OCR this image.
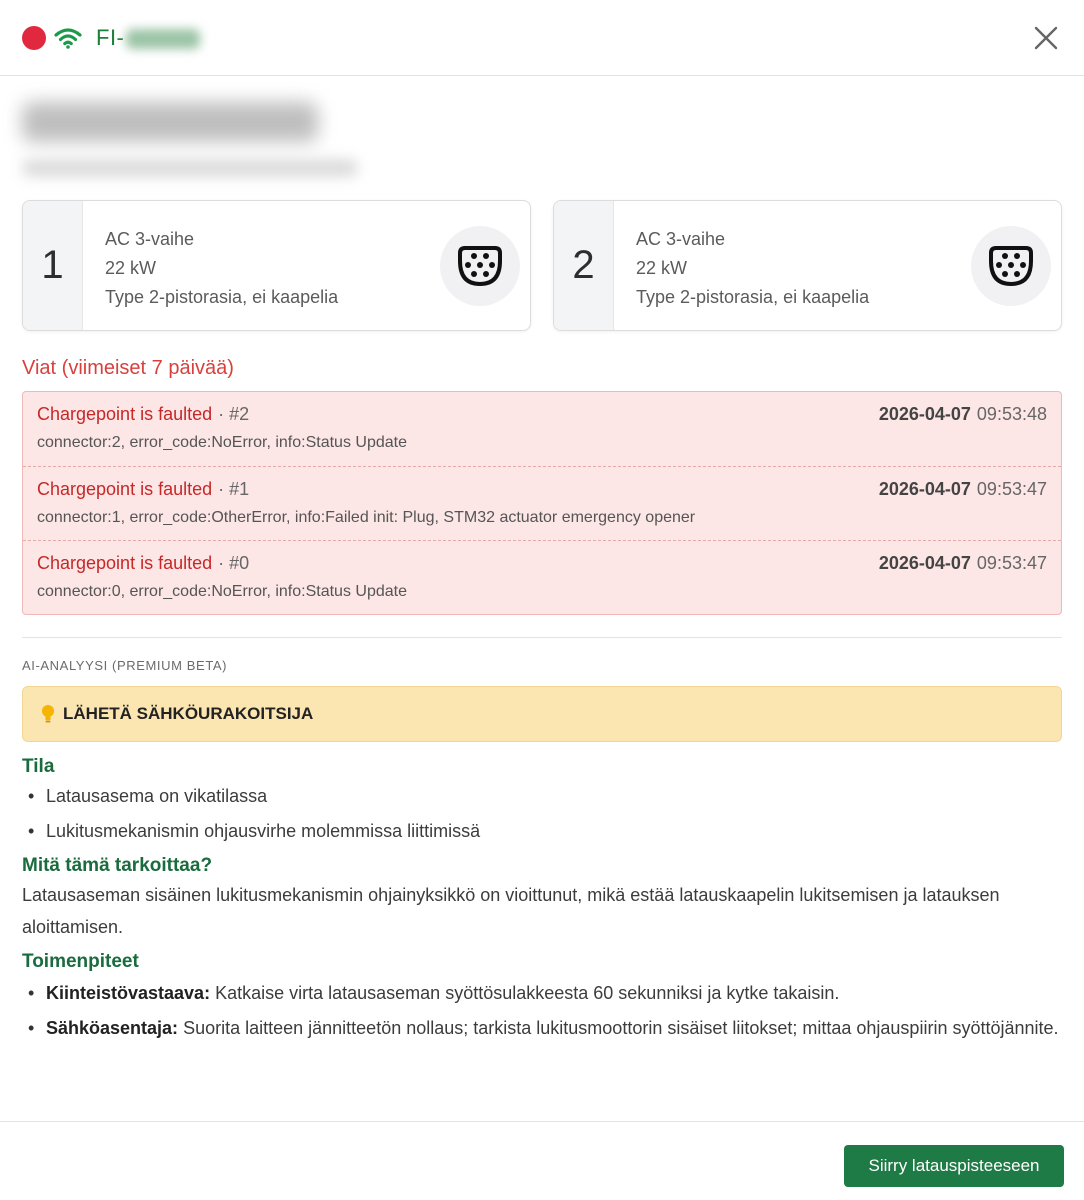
FI-
1
AC 3-vaihe
22 kW
Type 2-pistorasia, ei kaapelia
2
AC 3-vaihe
22 kW
Type 2-pistorasia, ei kaapelia
Viat (viimeiset 7 päivää)
Chargepoint is faulted · #2	2026-04-07 09:53:48
connector:2, error_code:NoError, info:Status Update
Chargepoint is faulted · #1	2026-04-07 09:53:47
connector:1, error_code:OtherError, info:Failed init: Plug, STM32 actuator emergency opener
Chargepoint is faulted · #0	2026-04-07 09:53:47
connector:0, error_code:NoError, info:Status Update
AI-ANALYYSI (PREMIUM BETA)
LÄHETÄ SÄHKÖURAKOITSIJA
Tila
• Latausasema on vikatilassa
• Lukitusmekanismin ohjausvirhe molemmissa liittimissä
Mitä tämä tarkoittaa?
Latausaseman sisäinen lukitusmekanismin ohjainyksikkö on vioittunut, mikä estää latauskaapelin lukitsemisen ja latauksen aloittamisen.
Toimenpiteet
• Kiinteistövastaava: Katkaise virta latausaseman syöttösulakkeesta 60 sekunniksi ja kytke takaisin.
• Sähköasentaja: Suorita laitteen jännitteetön nollaus; tarkista lukitusmoottorin sisäiset liitokset; mittaa ohjauspiirin syöttöjännite.
Siirry latauspisteeseen
